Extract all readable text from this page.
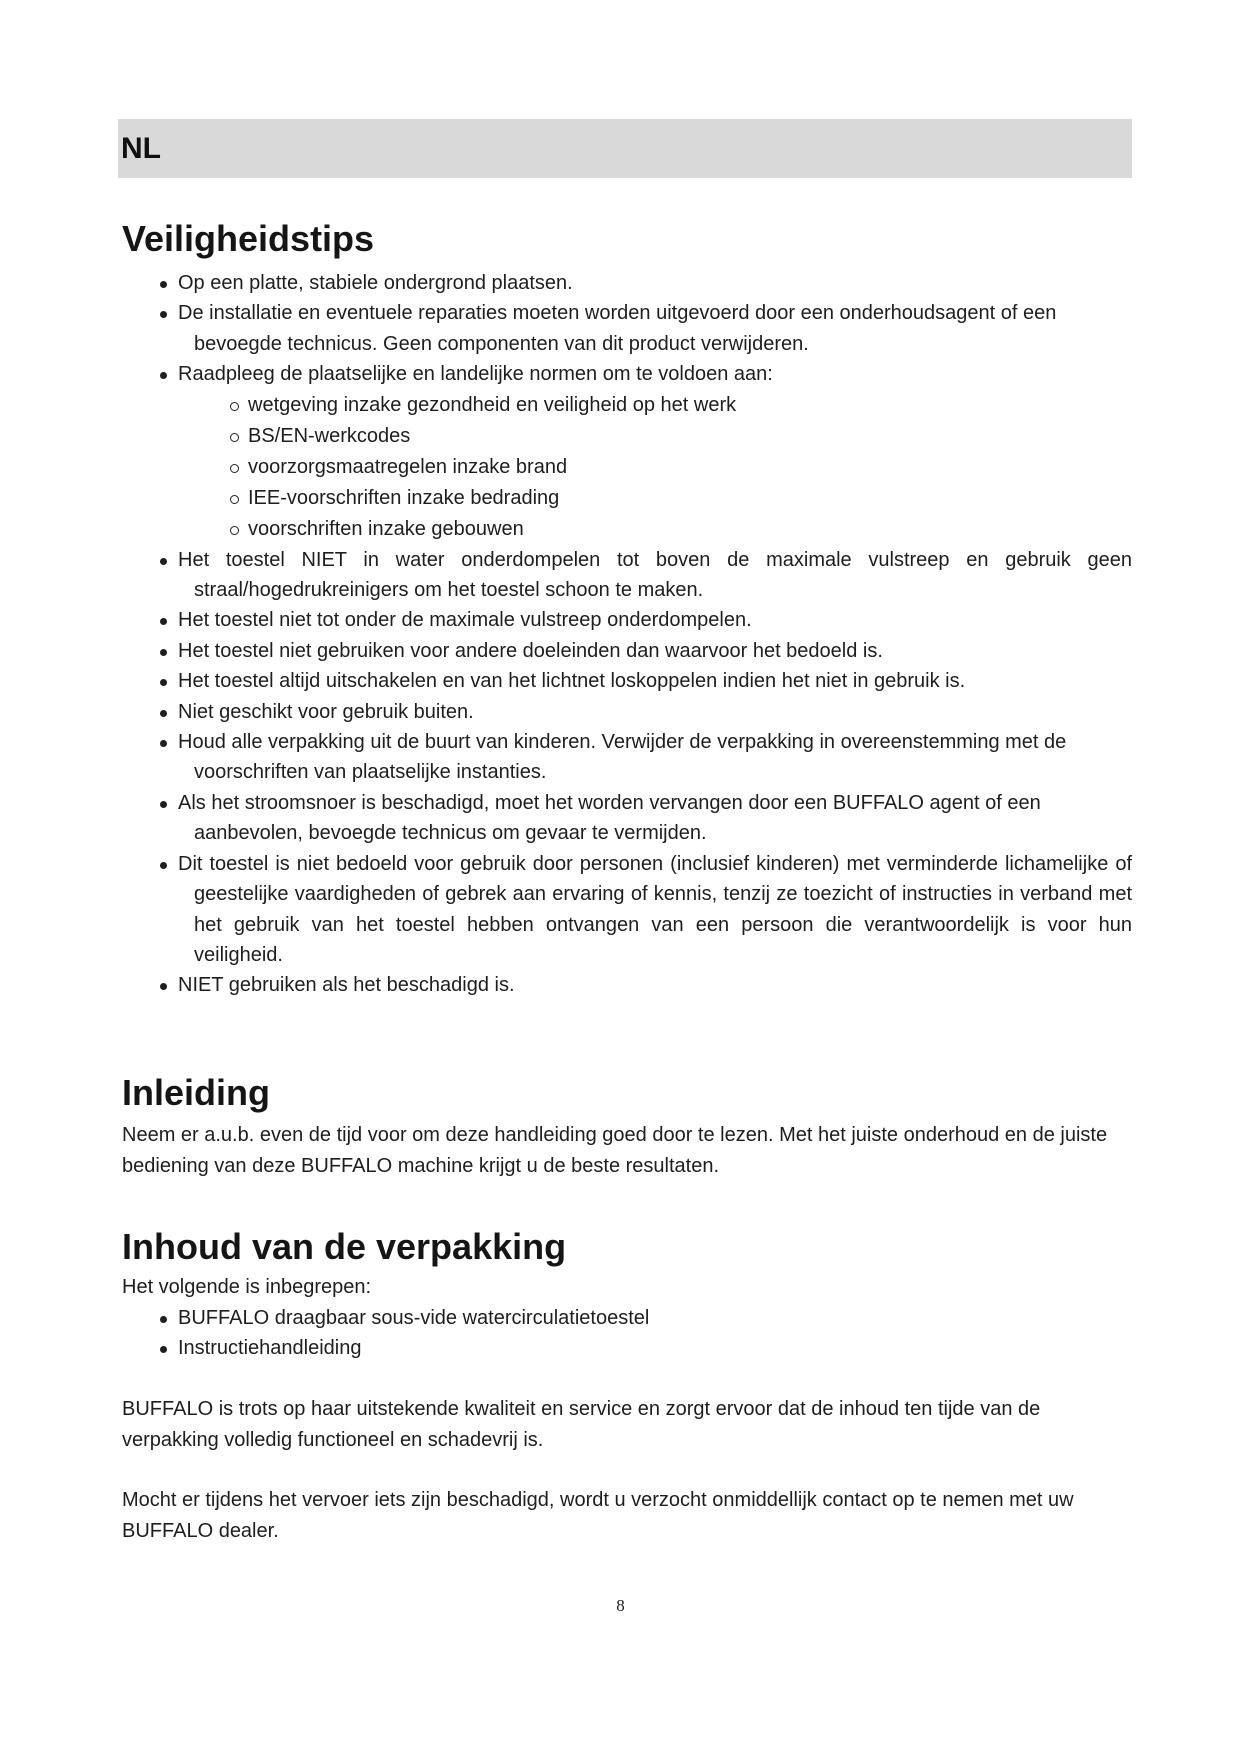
NL
Veiligheidstips
Op een platte, stabiele ondergrond plaatsen.
De installatie en eventuele reparaties moeten worden uitgevoerd door een onderhoudsagent of een bevoegde technicus. Geen componenten van dit product verwijderen.
Raadpleeg de plaatselijke en landelijke normen om te voldoen aan:
wetgeving inzake gezondheid en veiligheid op het werk
BS/EN-werkcodes
voorzorgsmaatregelen inzake brand
IEE-voorschriften inzake bedrading
voorschriften inzake gebouwen
Het toestel NIET in water onderdompelen tot boven de maximale vulstreep en gebruik geen straal/hogedrukreinigers om het toestel schoon te maken.
Het toestel niet tot onder de maximale vulstreep onderdompelen.
Het toestel niet gebruiken voor andere doeleinden dan waarvoor het bedoeld is.
Het toestel altijd uitschakelen en van het lichtnet loskoppelen indien het niet in gebruik is.
Niet geschikt voor gebruik buiten.
Houd alle verpakking uit de buurt van kinderen. Verwijder de verpakking in overeenstemming met de voorschriften van plaatselijke instanties.
Als het stroomsnoer is beschadigd, moet het worden vervangen door een BUFFALO agent of een aanbevolen, bevoegde technicus om gevaar te vermijden.
Dit toestel is niet bedoeld voor gebruik door personen (inclusief kinderen) met verminderde lichamelijke of geestelijke vaardigheden of gebrek aan ervaring of kennis, tenzij ze toezicht of instructies in verband met het gebruik van het toestel hebben ontvangen van een persoon die verantwoordelijk is voor hun veiligheid.
NIET gebruiken als het beschadigd is.
Inleiding

Neem er a.u.b. even de tijd voor om deze handleiding goed door te lezen. Met het juiste onderhoud en de juiste bediening van deze BUFFALO machine krijgt u de beste resultaten.

Inhoud van de verpakking

Het volgende is inbegrepen:

BUFFALO draagbaar sous-vide watercirculatietoestel
Instructiehandleiding

BUFFALO is trots op haar uitstekende kwaliteit en service en zorgt ervoor dat de inhoud ten tijde van de verpakking volledig functioneel en schadevrij is.

Mocht er tijdens het vervoer iets zijn beschadigd, wordt u verzocht onmiddellijk contact op te nemen met uw BUFFALO dealer.

8
